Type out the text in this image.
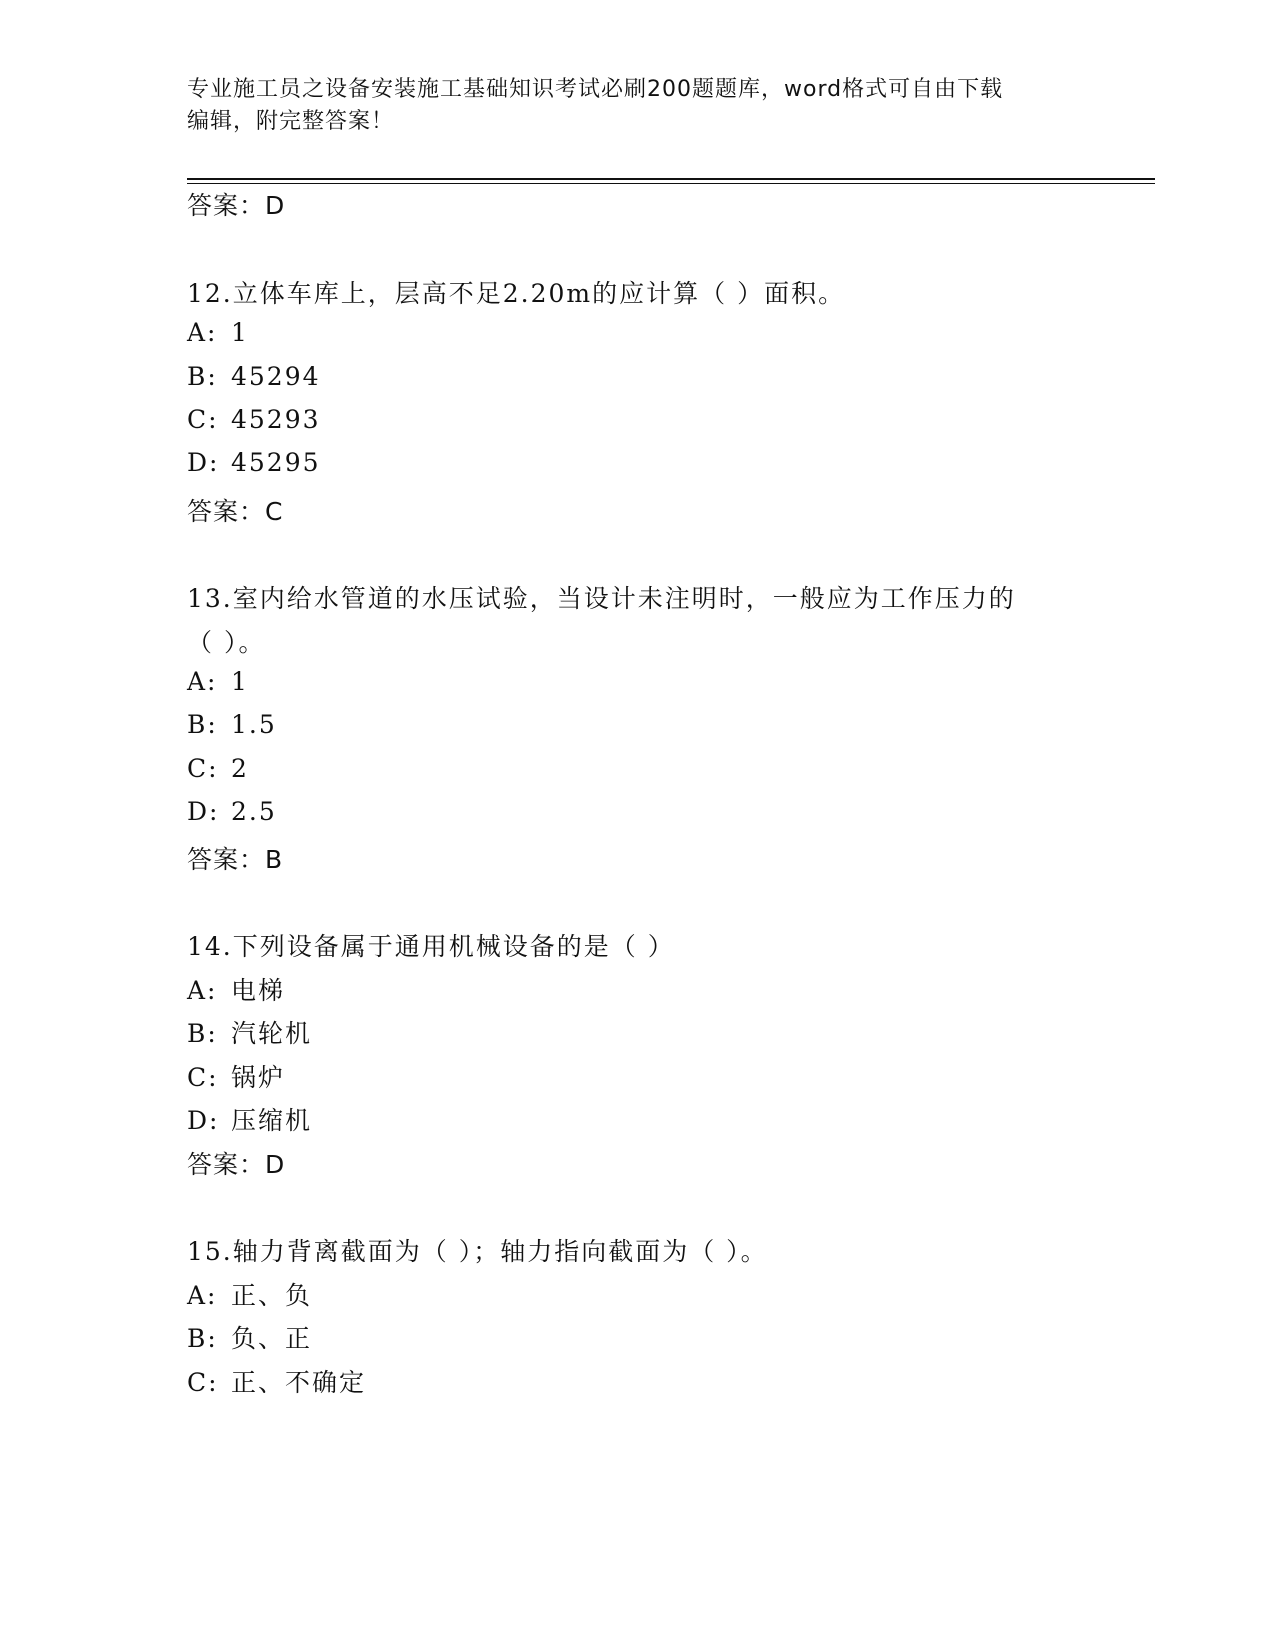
专业施工员之设备安装施工基础知识考试必刷200题题库，word格式可自由下载
编辑，附完整答案！
答案：D
12.立体车库上，层高不足2.20m的应计算（ ）面积。
A: 1
B: 45294
C: 45293
D: 45295
答案：C
13.室内给水管道的水压试验，当设计未注明时，一般应为工作压力的
（ ）。
A: 1
B: 1.5
C: 2
D: 2.5
答案：B
14.下列设备属于通用机械设备的是（ ）
A: 电梯
B: 汽轮机
C: 锅炉
D: 压缩机
答案：D
15.轴力背离截面为（ ）；轴力指向截面为（ ）。
A: 正、负
B: 负、正
C: 正、不确定
